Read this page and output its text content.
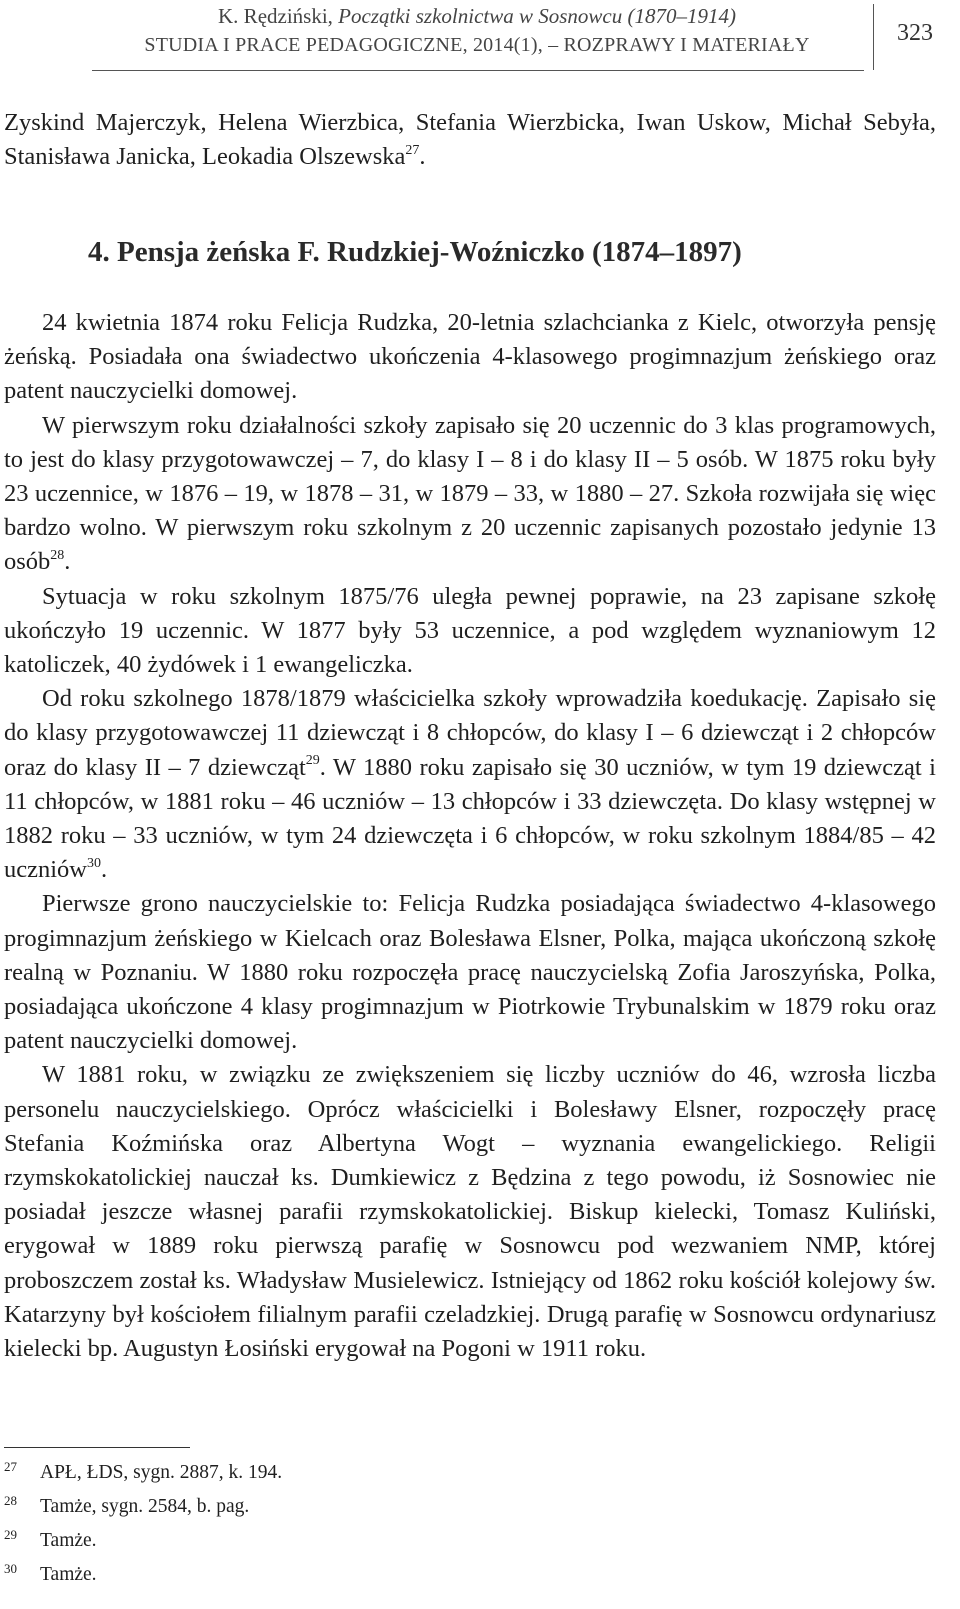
K. Rędziński, Początki szkolnictwa w Sosnowcu (1870–1914)
STUDIA I PRACE PEDAGOGICZNE, 2014(1), – ROZPRAWY I MATERIAŁY	323

Zyskind Majerczyk, Helena Wierzbica, Stefania Wierzbicka, Iwan Uskow, Michał Sebyła, Stanisława Janicka, Leokadia Olszewska$^{27}$.

4. Pensja żeńska F. Rudzkiej-Woźniczko (1874–1897)

24 kwietnia 1874 roku Felicja Rudzka, 20-letnia szlachcianka z Kielc, otworzyła pensję żeńską. Posiadała ona świadectwo ukończenia 4-klasowego progimnazjum żeńskiego oraz patent nauczycielki domowej.

W pierwszym roku działalności szkoły zapisało się 20 uczennic do 3 klas programowych, to jest do klasy przygotowawczej – 7, do klasy I – 8 i do klasy II – 5 osób. W 1875 roku były 23 uczennice, w 1876 – 19, w 1878 – 31, w 1879 – 33, w 1880 – 27. Szkoła rozwijała się więc bardzo wolno. W pierwszym roku szkolnym z 20 uczennic zapisanych pozostało jedynie 13 osób$^{28}$.

Sytuacja w roku szkolnym 1875/76 uległa pewnej poprawie, na 23 zapisane szkołę ukończyło 19 uczennic. W 1877 były 53 uczennice, a pod względem wyznaniowym 12 katoliczek, 40 żydówek i 1 ewangeliczka.

Od roku szkolnego 1878/1879 właścicielka szkoły wprowadziła koedukację. Zapisało się do klasy przygotowawczej 11 dziewcząt i 8 chłopców, do klasy I – 6 dziewcząt i 2 chłopców oraz do klasy II – 7 dziewcząt$^{29}$. W 1880 roku zapisało się 30 uczniów, w tym 19 dziewcząt i 11 chłopców, w 1881 roku – 46 uczniów – 13 chłopców i 33 dziewczęta. Do klasy wstępnej w 1882 roku – 33 uczniów, w tym 24 dziewczęta i 6 chłopców, w roku szkolnym 1884/85 – 42 uczniów$^{30}$.

Pierwsze grono nauczycielskie to: Felicja Rudzka posiadająca świadectwo 4-klasowego progimnazjum żeńskiego w Kielcach oraz Bolesława Elsner, Polka, mająca ukończoną szkołę realną w Poznaniu. W 1880 roku rozpoczęła pracę nauczycielską Zofia Jaroszyńska, Polka, posiadająca ukończone 4 klasy progimnazjum w Piotrkowie Trybunalskim w 1879 roku oraz patent nauczycielki domowej.

W 1881 roku, w związku ze zwiększeniem się liczby uczniów do 46, wzrosła liczba personelu nauczycielskiego. Oprócz właścicielki i Bolesławy Elsner, rozpoczęły pracę Stefania Koźmińska oraz Albertyna Wogt – wyznania ewangelickiego. Religii rzymskokatolickiej nauczał ks. Dumkiewicz z Będzina z tego powodu, iż Sosnowiec nie posiadał jeszcze własnej parafii rzymskokatolickiej. Biskup kielecki, Tomasz Kuliński, erygował w 1889 roku pierwszą parafię w Sosnowcu pod wezwaniem NMP, której proboszczem został ks. Władysław Musielewicz. Istniejący od 1862 roku kościół kolejowy św. Katarzyny był kościołem filialnym parafii czeladzkiej. Drugą parafię w Sosnowcu ordynariusz kielecki bp. Augustyn Łosiński erygował na Pogoni w 1911 roku.

27 APŁ, ŁDS, sygn. 2887, k. 194.
28 Tamże, sygn. 2584, b. pag.
29 Tamże.
30 Tamże.
